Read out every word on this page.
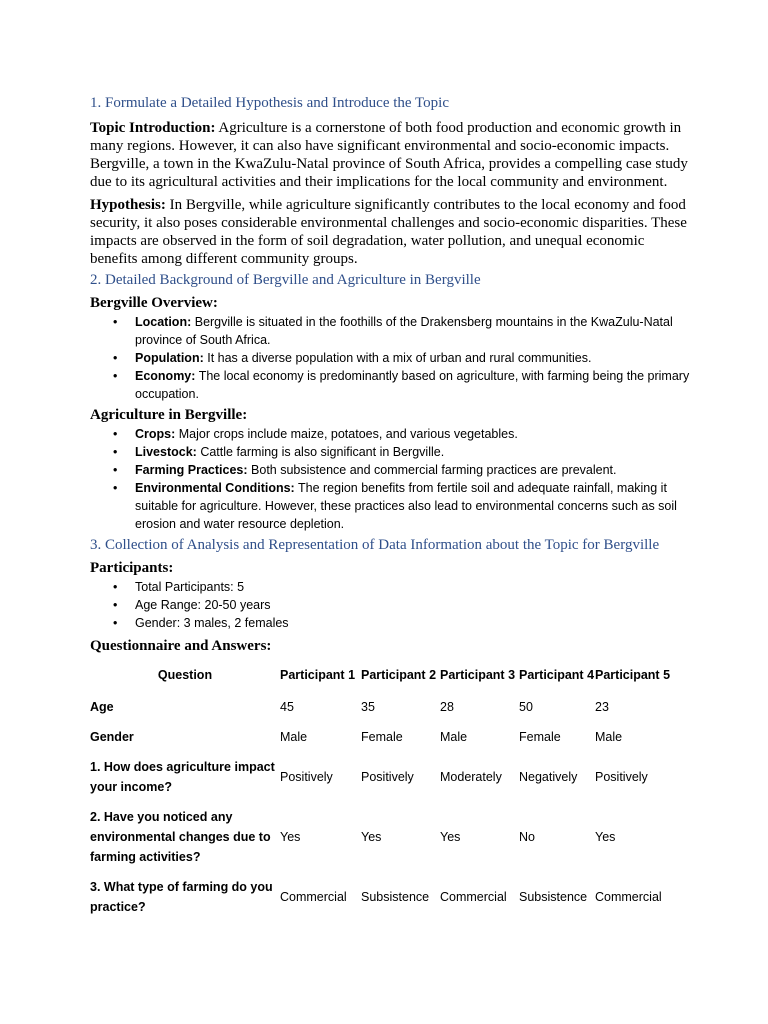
1. Formulate a Detailed Hypothesis and Introduce the Topic

Topic Introduction: Agriculture is a cornerstone of both food production and economic growth in many regions. However, it can also have significant environmental and socio-economic impacts. Bergville, a town in the KwaZulu-Natal province of South Africa, provides a compelling case study due to its agricultural activities and their implications for the local community and environment.

Hypothesis: In Bergville, while agriculture significantly contributes to the local economy and food security, it also poses considerable environmental challenges and socio-economic disparities. These impacts are observed in the form of soil degradation, water pollution, and unequal economic benefits among different community groups.

2. Detailed Background of Bergville and Agriculture in Bergville

Bergville Overview:

• Location: Bergville is situated in the foothills of the Drakensberg mountains in the KwaZulu-Natal province of South Africa.
• Population: It has a diverse population with a mix of urban and rural communities.
• Economy: The local economy is predominantly based on agriculture, with farming being the primary occupation.

Agriculture in Bergville:

• Crops: Major crops include maize, potatoes, and various vegetables.
• Livestock: Cattle farming is also significant in Bergville.
• Farming Practices: Both subsistence and commercial farming practices are prevalent.
• Environmental Conditions: The region benefits from fertile soil and adequate rainfall, making it suitable for agriculture. However, these practices also lead to environmental concerns such as soil erosion and water resource depletion.

3. Collection of Analysis and Representation of Data Information about the Topic for Bergville

Participants:

• Total Participants: 5
• Age Range: 20-50 years
• Gender: 3 males, 2 females

Questionnaire and Answers:

Question	Participant 1	Participant 2	Participant 3	Participant 4	Participant 5
Age	45	35	28	50	23
Gender	Male	Female	Male	Female	Male
1. How does agriculture impact your income?	Positively	Positively	Moderately	Negatively	Positively
2. Have you noticed any environmental changes due to farming activities?	Yes	Yes	Yes	No	Yes
3. What type of farming do you practice?	Commercial	Subsistence	Commercial	Subsistence	Commercial
